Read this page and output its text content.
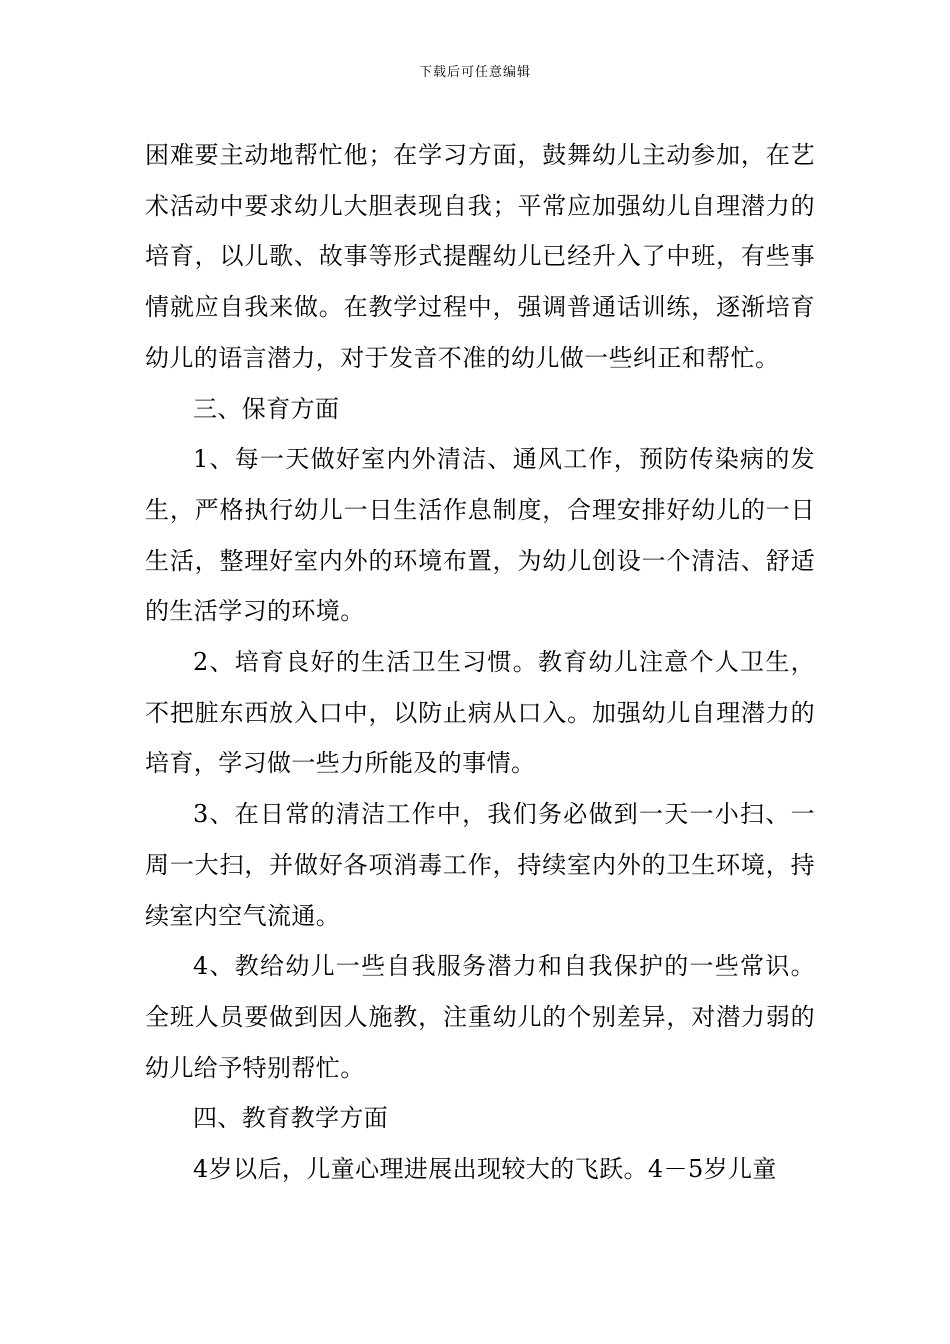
下载后可任意编辑

困难要主动地帮忙他；在学习方面，鼓舞幼儿主动参加，在艺术活动中要求幼儿大胆表现自我；平常应加强幼儿自理潜力的培育，以儿歌、故事等形式提醒幼儿已经升入了中班，有些事情就应自我来做。在教学过程中，强调普通话训练，逐渐培育幼儿的语言潜力，对于发音不准的幼儿做一些纠正和帮忙。

三、保育方面

1、每一天做好室内外清洁、通风工作，预防传染病的发生，严格执行幼儿一日生活作息制度，合理安排好幼儿的一日生活，整理好室内外的环境布置，为幼儿创设一个清洁、舒适的生活学习的环境。

2、培育良好的生活卫生习惯。教育幼儿注意个人卫生，不把脏东西放入口中，以防止病从口入。加强幼儿自理潜力的培育，学习做一些力所能及的事情。

3、在日常的清洁工作中，我们务必做到一天一小扫、一周一大扫，并做好各项消毒工作，持续室内外的卫生环境，持续室内空气流通。

4、教给幼儿一些自我服务潜力和自我保护的一些常识。全班人员要做到因人施教，注重幼儿的个别差异，对潜力弱的幼儿给予特别帮忙。

四、教育教学方面

4岁以后，儿童心理进展出现较大的飞跃。4－5岁儿童
